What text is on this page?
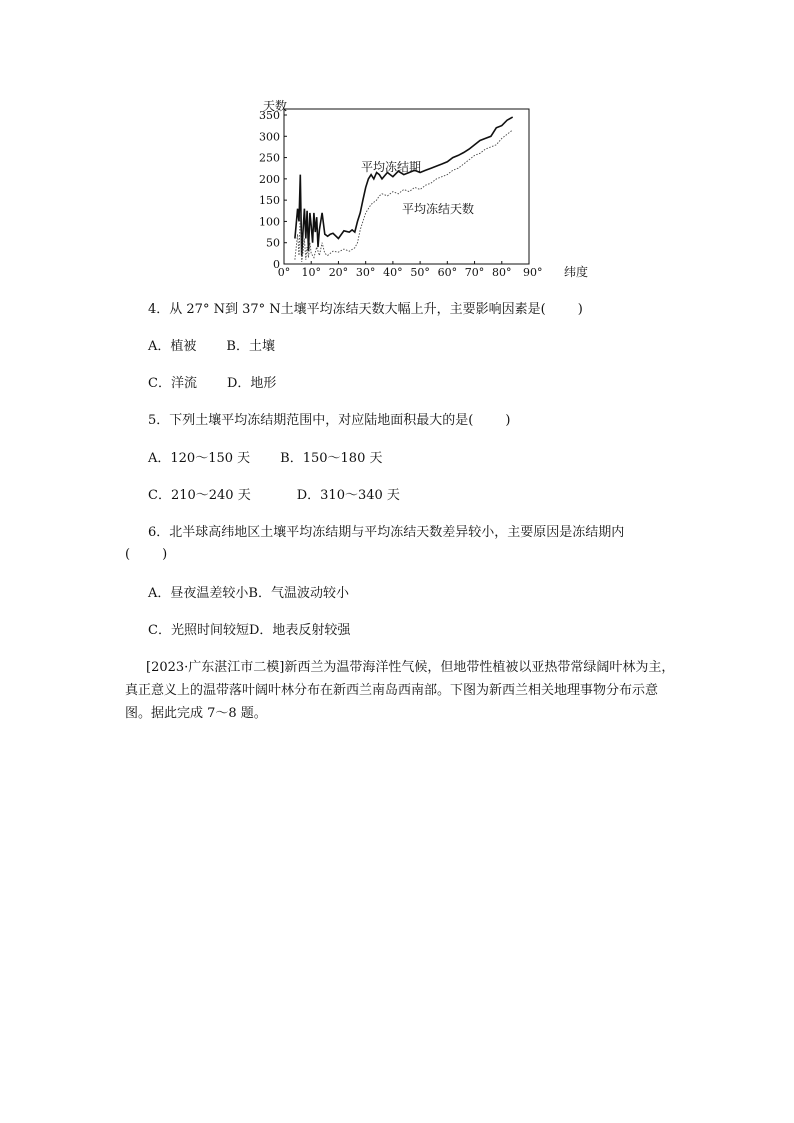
0° 10° 20° 30° 40° 50° 60° 70° 80° 90°
0
50
100
150
200
250
300
350
天数
纬度
平均冻结期
平均冻结天数
4．从 27° N到 37° N土壤平均冻结天数大幅上升，主要影响因素是( )
A．植被 B．土壤
C．洋流 D．地形
5．下列土壤平均冻结期范围中，对应陆地面积最大的是( )
A．120～150 天 B．150～180 天
C．210～240 天	D．310～340 天
6．北半球高纬地区土壤平均冻结期与平均冻结天数差异较小，主要原因是冻结期内
( )
A．昼夜温差较小B．气温波动较小
C．光照时间较短D．地表反射较强
[2023·广东湛江市二模]新西兰为温带海洋性气候，但地带性植被以亚热带常绿阔叶林为主，真正意义上的温带落叶阔叶林分布在新西兰南岛西南部。下图为新西兰相关地理事物分布示意图。据此完成 7～8 题。
